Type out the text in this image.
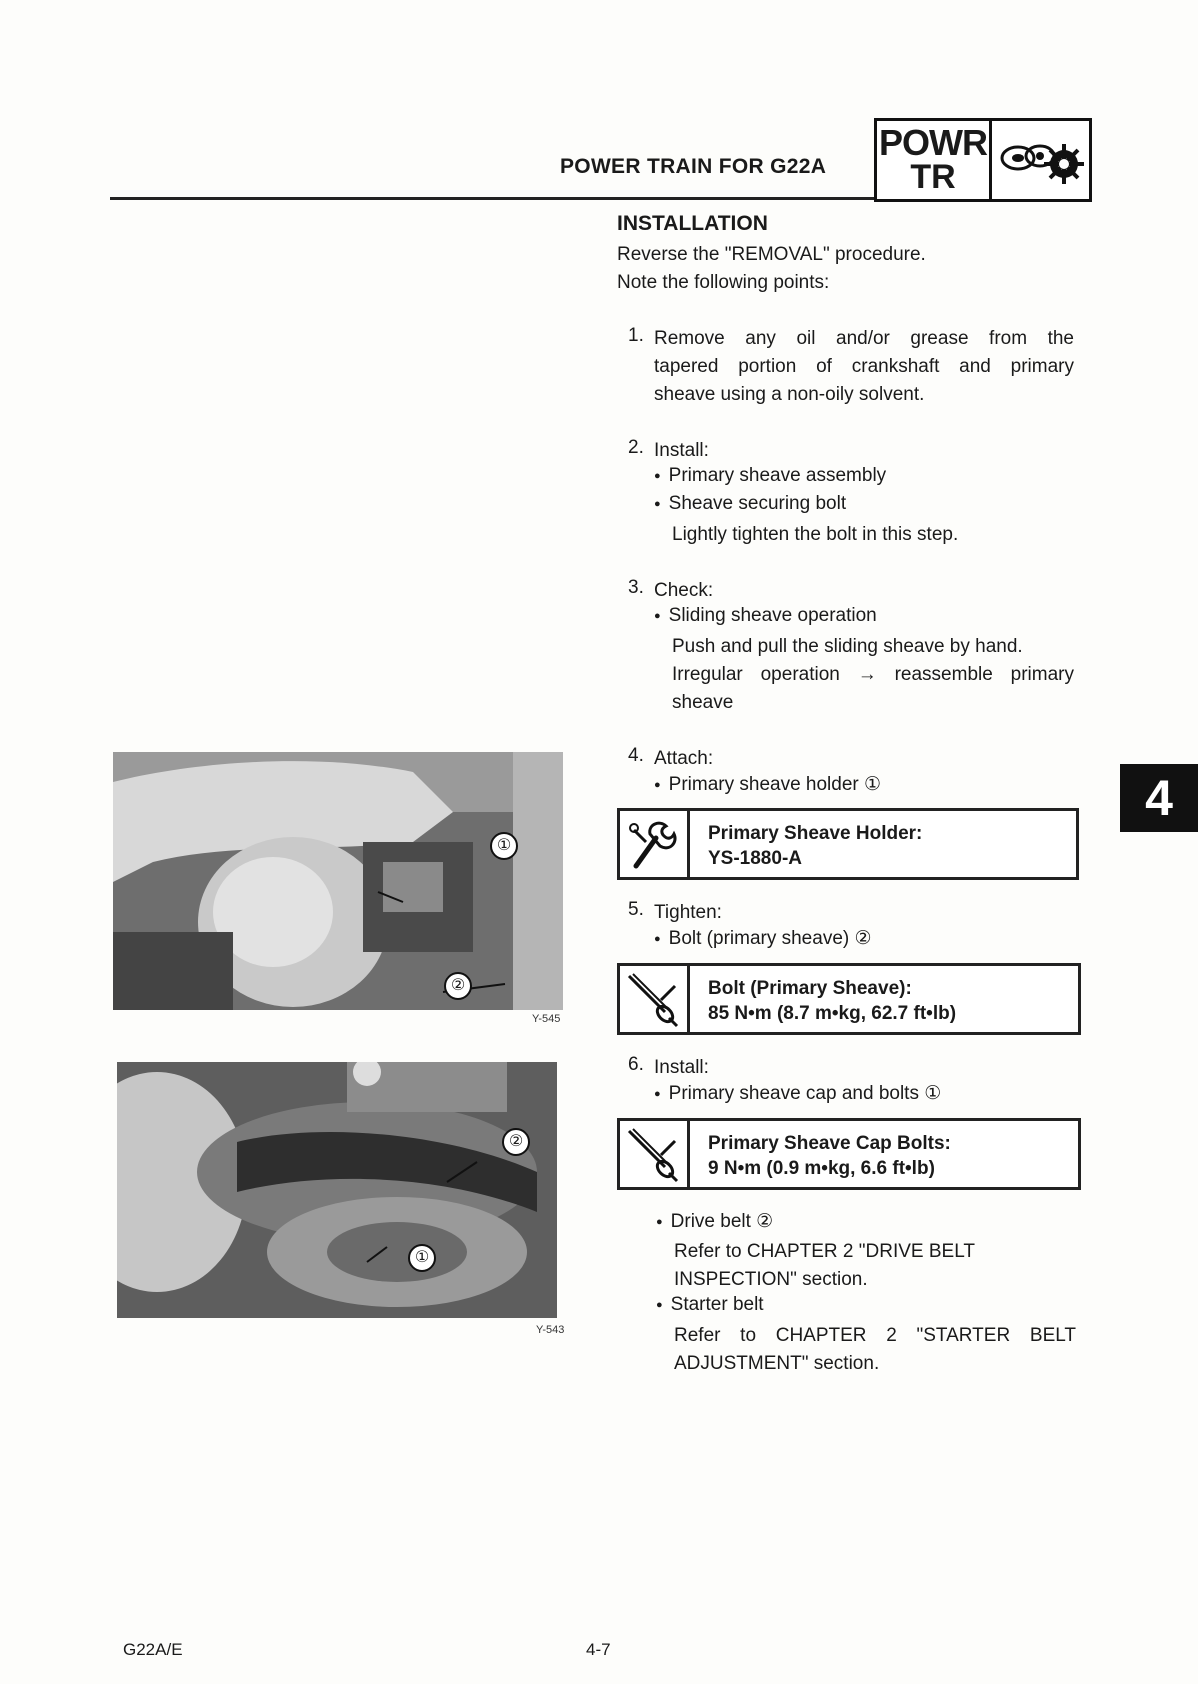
POWER TRAIN FOR G22A
POWR
TR
INSTALLATION
Reverse the "REMOVAL" procedure.
Note the following points:
1. Remove any oil and/or grease from the
tapered portion of crankshaft and primary
sheave using a non-oily solvent.
2. Install:
● Primary sheave assembly
● Sheave securing bolt
Lightly tighten the bolt in this step.
3. Check:
● Sliding sheave operation
Push and pull the sliding sheave by hand.
Irregular operation → reassemble primary
sheave
4. Attach:
● Primary sheave holder ①
Primary Sheave Holder:
YS-1880-A
5. Tighten:
● Bolt (primary sheave) ②
Bolt (Primary Sheave):
85 N•m (8.7 m•kg, 62.7 ft•lb)
6. Install:
● Primary sheave cap and bolts ①
Primary Sheave Cap Bolts:
9 N•m (0.9 m•kg, 6.6 ft•lb)
● Drive belt ②
Refer to CHAPTER 2 "DRIVE BELT
INSPECTION" section.
● Starter belt
Refer to CHAPTER 2 "STARTER BELT
ADJUSTMENT" section.
①
②
Y-545
②
①
Y-543
4
G22A/E	4-7
